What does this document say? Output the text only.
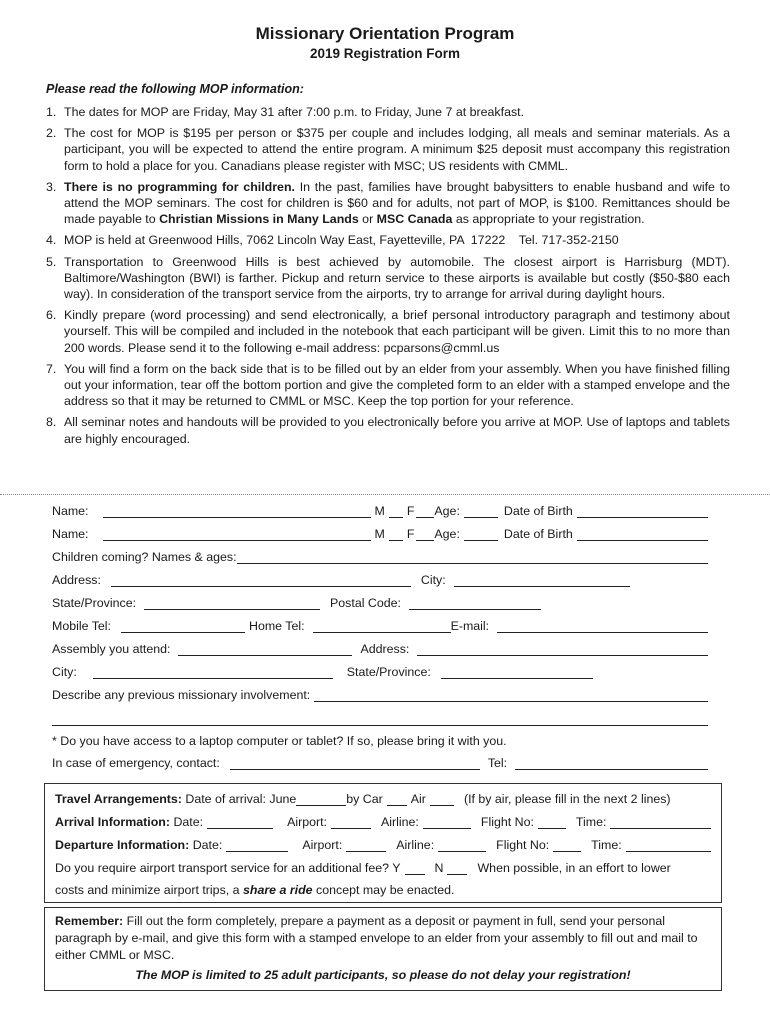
Missionary Orientation Program
2019 Registration Form
Please read the following MOP information:
1. The dates for MOP are Friday, May 31 after 7:00 p.m. to Friday, June 7 at breakfast.
2. The cost for MOP is $195 per person or $375 per couple and includes lodging, all meals and seminar materials. As a participant, you will be expected to attend the entire program. A minimum $25 deposit must accompany this registration form to hold a place for you. Canadians please register with MSC; US residents with CMML.
3. There is no programming for children. In the past, families have brought babysitters to enable husband and wife to attend the MOP seminars. The cost for children is $60 and for adults, not part of MOP, is $100. Remittances should be made payable to Christian Missions in Many Lands or MSC Canada as appropriate to your registration.
4. MOP is held at Greenwood Hills, 7062 Lincoln Way East, Fayetteville, PA  17222    Tel. 717-352-2150
5. Transportation to Greenwood Hills is best achieved by automobile. The closest airport is Harrisburg (MDT). Baltimore/Washington (BWI) is farther. Pickup and return service to these airports is available but costly ($50-$80 each way). In consideration of the transport service from the airports, try to arrange for arrival during daylight hours.
6. Kindly prepare (word processing) and send electronically, a brief personal introductory paragraph and testimony about yourself. This will be compiled and included in the notebook that each participant will be given. Limit this to no more than 200 words. Please send it to the following e-mail address: pcparsons@cmml.us
7. You will find a form on the back side that is to be filled out by an elder from your assembly. When you have finished filling out your information, tear off the bottom portion and give the completed form to an elder with a stamped envelope and the address so that it may be returned to CMML or MSC. Keep the top portion for your reference.
8. All seminar notes and handouts will be provided to you electronically before you arrive at MOP. Use of laptops and tablets are highly encouraged.
Name:	M F Age:	Date of Birth
Name:	M F Age:	Date of Birth
Children coming? Names & ages:
Address:	City:
State/Province:	Postal Code:
Mobile Tel:	Home Tel:	E-mail:
Assembly you attend:	Address:
City:	State/Province:
Describe any previous missionary involvement:
* Do you have access to a laptop computer or tablet? If so, please bring it with you.
In case of emergency, contact:	Tel:
Travel Arrangements:
Date of arrival: June	by Car Air	(If by air, please fill in the next 2 lines)
Arrival Information:
Date:	Airport:	Airline:	Flight No:	Time:
Departure Information:
Date:	Airport:	Airline:	Flight No:	Time:
Do you require airport transport service for an additional fee? Y	N	When possible, in an effort to lower
costs and minimize airport trips, a share a ride concept may be enacted.
Remember: Fill out the form completely, prepare a payment as a deposit or payment in full, send your personal paragraph by e-mail, and give this form with a stamped envelope to an elder from your assembly to fill out and mail to either CMML or MSC.
The MOP is limited to 25 adult participants, so please do not delay your registration!
